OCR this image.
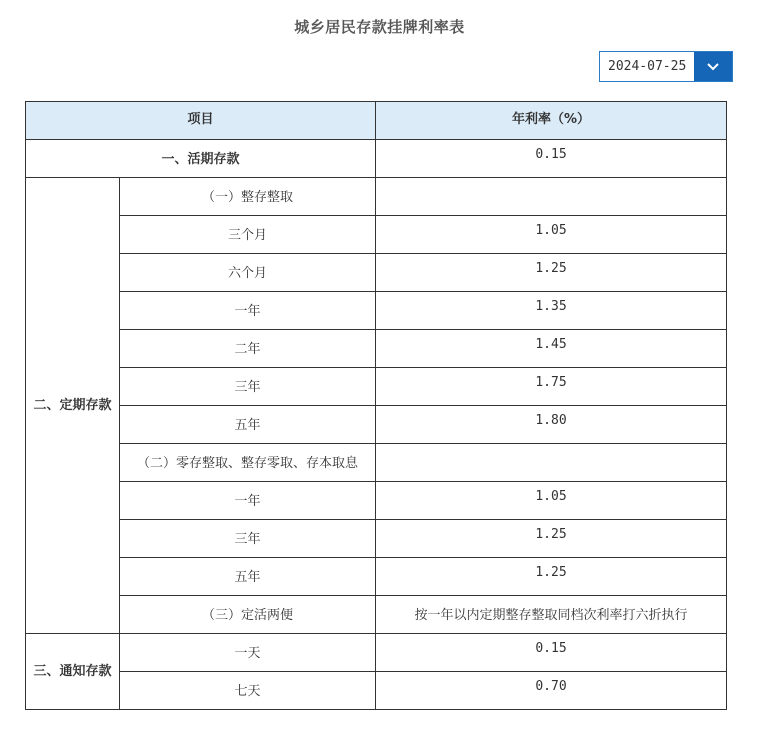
城乡居民存款挂牌利率表
2024-07-25
项目		年利率（%）
一、活期存款		0.15
二、定期存款	（一）整存整取	
	三个月	1.05
	六个月	1.25
	一年	1.35
	二年	1.45
	三年	1.75
	五年	1.80
	（二）零存整取、整存零取、存本取息	
	一年	1.05
	三年	1.25
	五年	1.25
	（三）定活两便	按一年以内定期整存整取同档次利率打六折执行
三、通知存款	一天	0.15
	七天	0.70
